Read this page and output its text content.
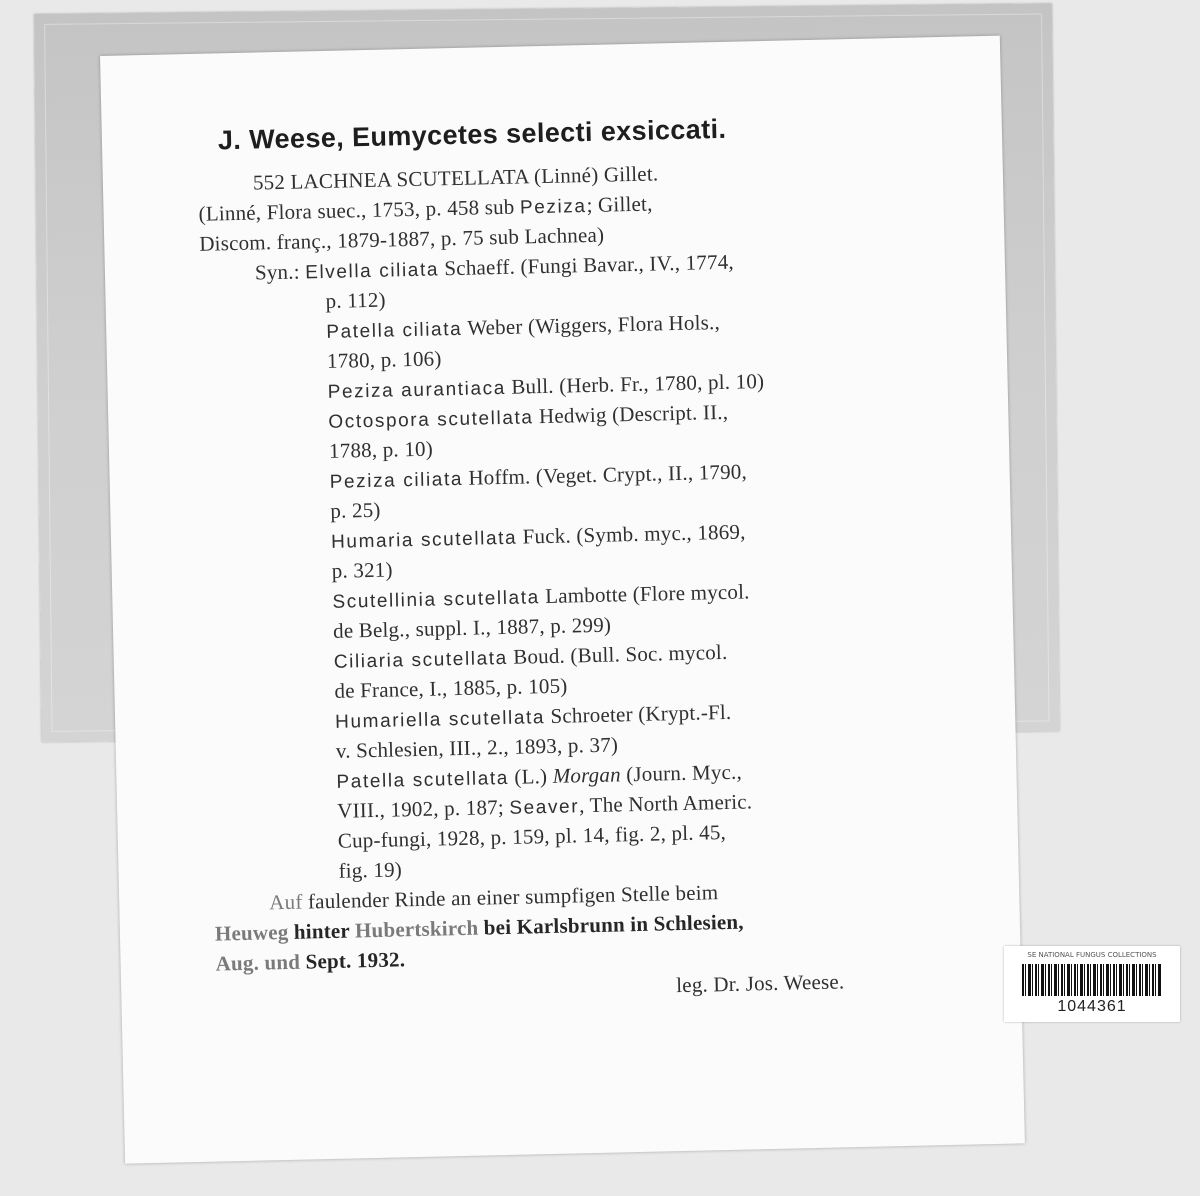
J. Weese, Eumycetes selecti exsiccati.
552 LACHNEA SCUTELLATA (Linné) Gillet.
(Linné, Flora suec., 1753, p. 458 sub Peziza; Gillet,
Discom. franç., 1879-1887, p. 75 sub Lachnea)
Syn.: Elvella ciliata Schaeff. (Fungi Bavar., IV., 1774,
p. 112)
Patella ciliata Weber (Wiggers, Flora Hols.,
1780, p. 106)
Peziza aurantiaca Bull. (Herb. Fr., 1780, pl. 10)
Octospora scutellata Hedwig (Descript. II.,
1788, p. 10)
Peziza ciliata Hoffm. (Veget. Crypt., II., 1790,
p. 25)
Humaria scutellata Fuck. (Symb. myc., 1869,
p. 321)
Scutellinia scutellata Lambotte (Flore mycol.
de Belg., suppl. I., 1887, p. 299)
Ciliaria scutellata Boud. (Bull. Soc. mycol.
de France, I., 1885, p. 105)
Humariella scutellata Schroeter (Krypt.-Fl.
v. Schlesien, III., 2., 1893, p. 37)
Patella scutellata (L.) Morgan (Journ. Myc.,
VIII., 1902, p. 187; Seaver, The North Americ.
Cup-fungi, 1928, p. 159, pl. 14, fig. 2, pl. 45,
fig. 19)
Auf faulender Rinde an einer sumpfigen Stelle beim
Heuweg hinter Hubertskirch bei Karlsbrunn in Schlesien,
Aug. und Sept. 1932.
leg. Dr. Jos. Weese.
SE NATIONAL FUNGUS COLLECTIONS
1044361
